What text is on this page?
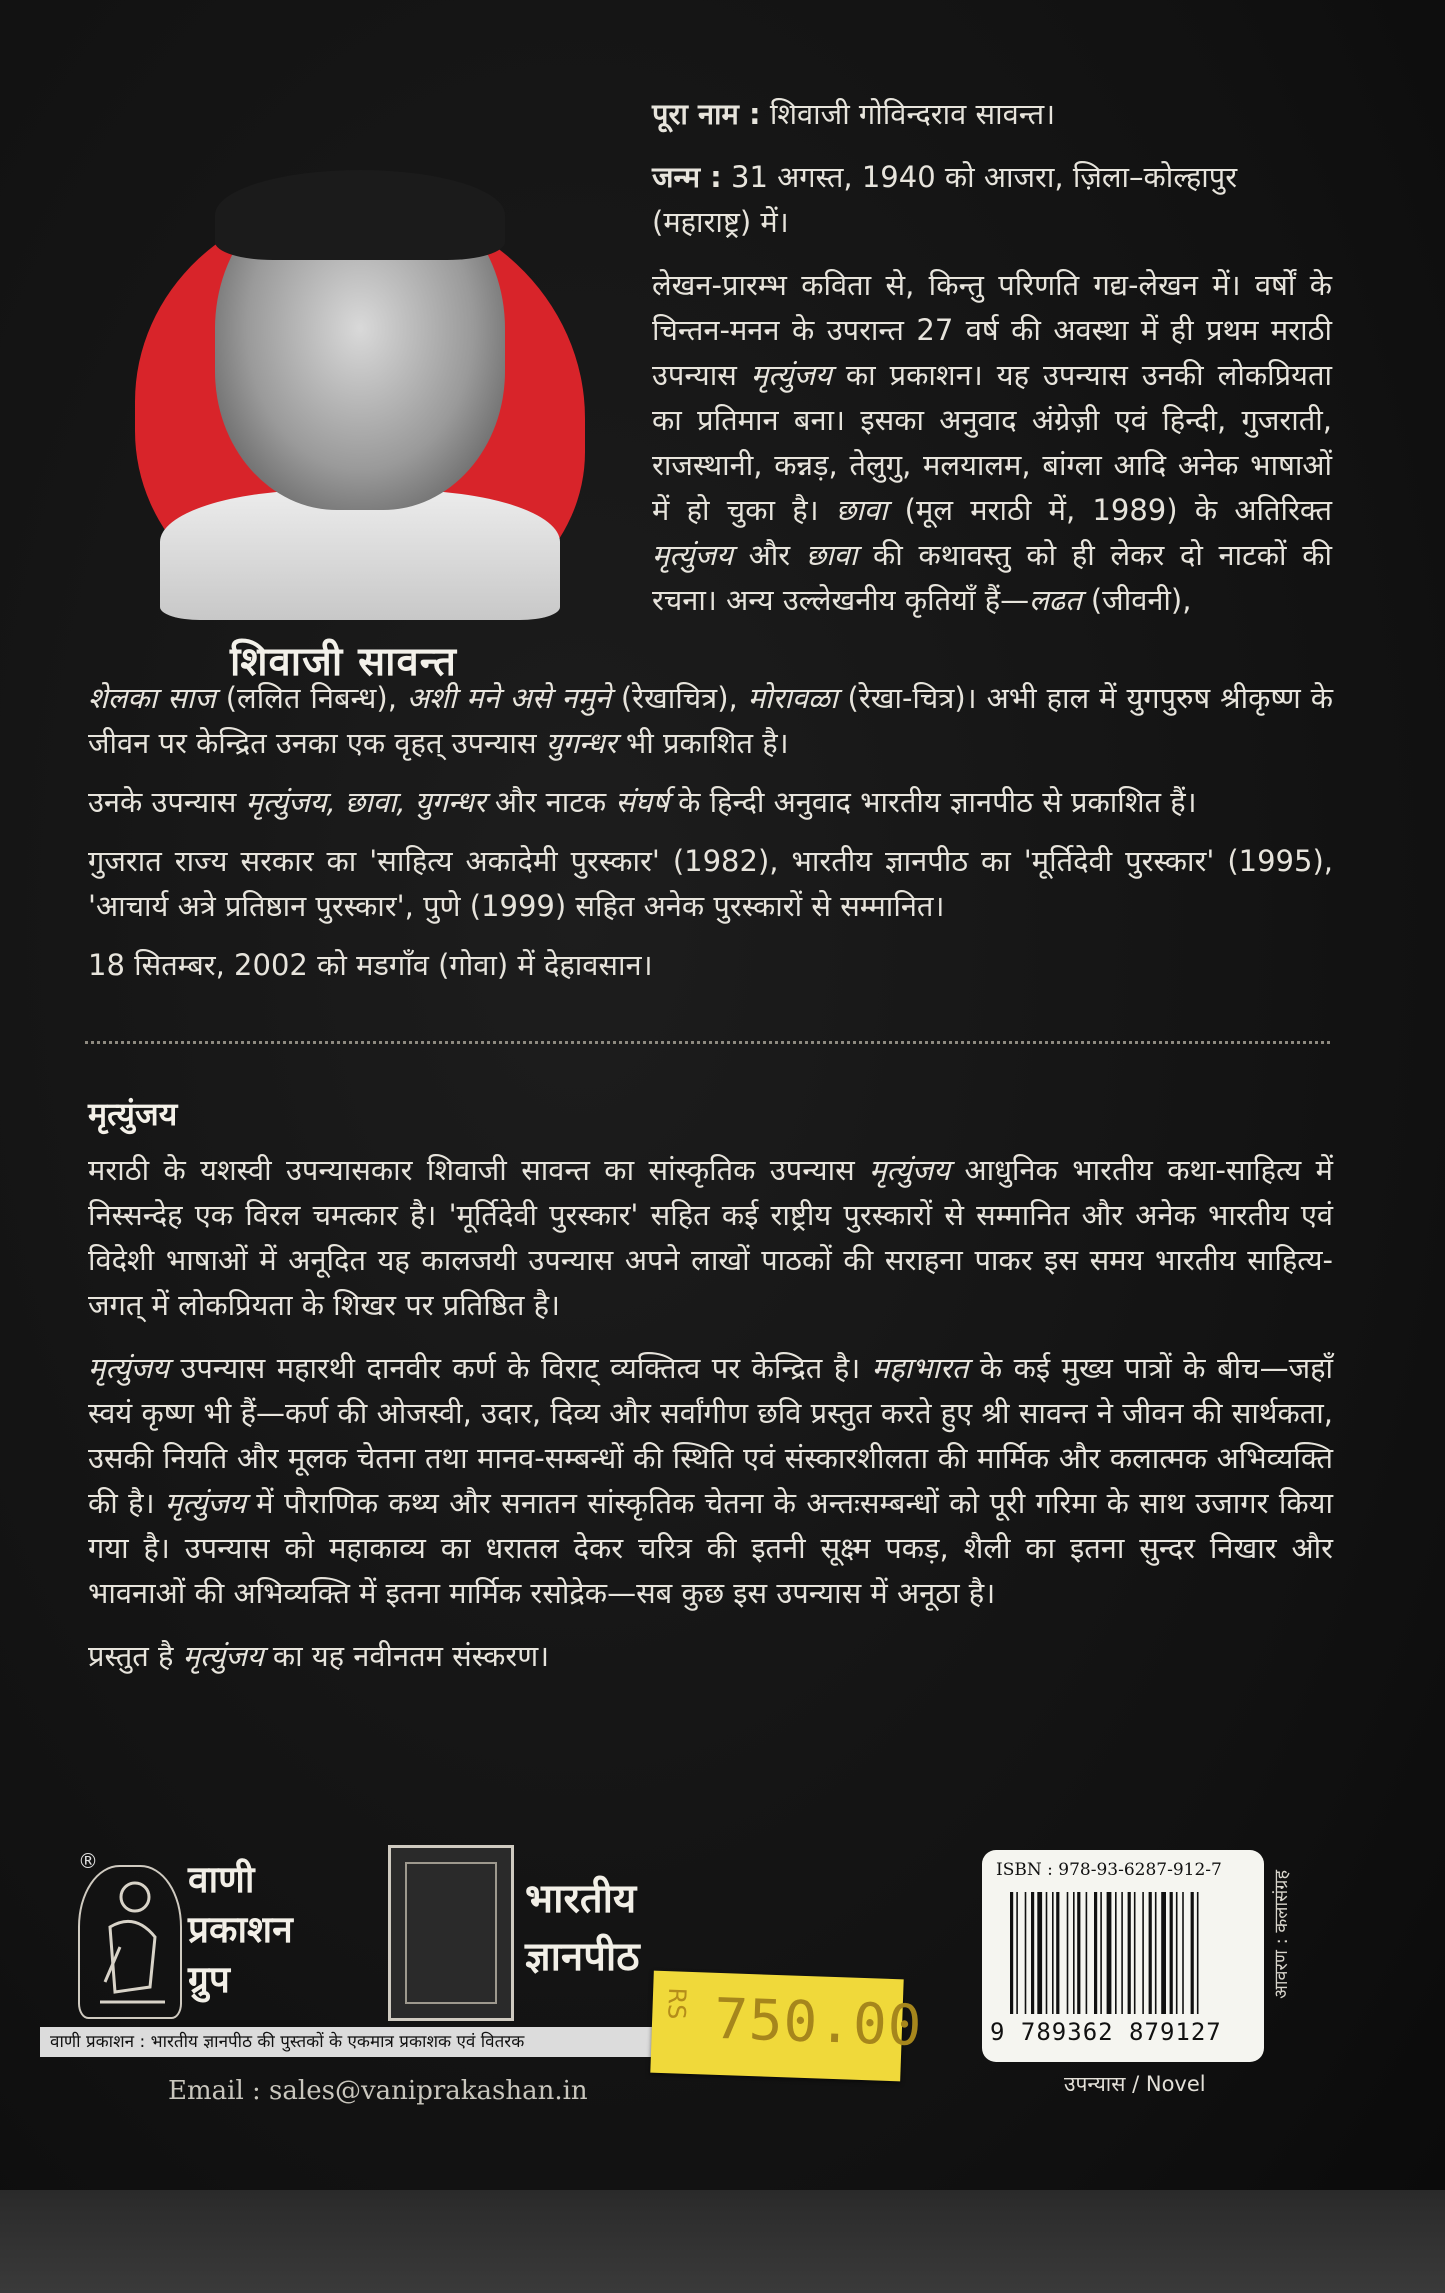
शिवाजी सावन्त

पूरा नाम : शिवाजी गोविन्दराव सावन्त।

जन्म : 31 अगस्त, 1940 को आजरा, ज़िला–कोल्हापुर (महाराष्ट्र) में।

लेखन-प्रारम्भ कविता से, किन्तु परिणति गद्य-लेखन में। वर्षों के चिन्तन-मनन के उपरान्त 27 वर्ष की अवस्था में ही प्रथम मराठी उपन्यास मृत्युंजय का प्रकाशन। यह उपन्यास उनकी लोकप्रियता का प्रतिमान बना। इसका अनुवाद अंग्रेज़ी एवं हिन्दी, गुजराती, राजस्थानी, कन्नड़, तेलुगु, मलयालम, बांग्ला आदि अनेक भाषाओं में हो चुका है। छावा (मूल मराठी में, 1989) के अतिरिक्त मृत्युंजय और छावा की कथावस्तु को ही लेकर दो नाटकों की रचना। अन्य उल्लेखनीय कृतियाँ हैं—लढत (जीवनी),

शेलका साज (ललित निबन्ध), अशी मने असे नमुने (रेखाचित्र), मोरावळा (रेखा-चित्र)। अभी हाल में युगपुरुष श्रीकृष्ण के जीवन पर केन्द्रित उनका एक वृहत् उपन्यास युगन्धर भी प्रकाशित है।

उनके उपन्यास मृत्युंजय, छावा, युगन्धर और नाटक संघर्ष के हिन्दी अनुवाद भारतीय ज्ञानपीठ से प्रकाशित हैं।

गुजरात राज्य सरकार का 'साहित्य अकादेमी पुरस्कार' (1982), भारतीय ज्ञानपीठ का 'मूर्तिदेवी पुरस्कार' (1995), 'आचार्य अत्रे प्रतिष्ठान पुरस्कार', पुणे (1999) सहित अनेक पुरस्कारों से सम्मानित।

18 सितम्बर, 2002 को मडगाँव (गोवा) में देहावसान।

मृत्युंजय

मराठी के यशस्वी उपन्यासकार शिवाजी सावन्त का सांस्कृतिक उपन्यास मृत्युंजय आधुनिक भारतीय कथा-साहित्य में निस्सन्देह एक विरल चमत्कार है। 'मूर्तिदेवी पुरस्कार' सहित कई राष्ट्रीय पुरस्कारों से सम्मानित और अनेक भारतीय एवं विदेशी भाषाओं में अनूदित यह कालजयी उपन्यास अपने लाखों पाठकों की सराहना पाकर इस समय भारतीय साहित्य-जगत् में लोकप्रियता के शिखर पर प्रतिष्ठित है।

मृत्युंजय उपन्यास महारथी दानवीर कर्ण के विराट् व्यक्तित्व पर केन्द्रित है। महाभारत के कई मुख्य पात्रों के बीच—जहाँ स्वयं कृष्ण भी हैं—कर्ण की ओजस्वी, उदार, दिव्य और सर्वांगीण छवि प्रस्तुत करते हुए श्री सावन्त ने जीवन की सार्थकता, उसकी नियति और मूलक चेतना तथा मानव-सम्बन्धों की स्थिति एवं संस्कारशीलता की मार्मिक और कलात्मक अभिव्यक्ति की है। मृत्युंजय में पौराणिक कथ्य और सनातन सांस्कृतिक चेतना के अन्तःसम्बन्धों को पूरी गरिमा के साथ उजागर किया गया है। उपन्यास को महाकाव्य का धरातल देकर चरित्र की इतनी सूक्ष्म पकड़, शैली का इतना सुन्दर निखार और भावनाओं की अभिव्यक्ति में इतना मार्मिक रसोद्रेक—सब कुछ इस उपन्यास में अनूठा है।

प्रस्तुत है मृत्युंजय का यह नवीनतम संस्करण।

® वाणी
प्रकाशन
ग्रुप
भारतीय
ज्ञानपीठ
वाणी प्रकाशन : भारतीय ज्ञानपीठ की पुस्तकों के एकमात्र प्रकाशक एवं वितरक
Email : sales@vaniprakashan.in
RS 750.00
ISBN : 978-93-6287-912-7
9 789362 879127
उपन्यास / Novel
आवरण : कलासंग्रह
